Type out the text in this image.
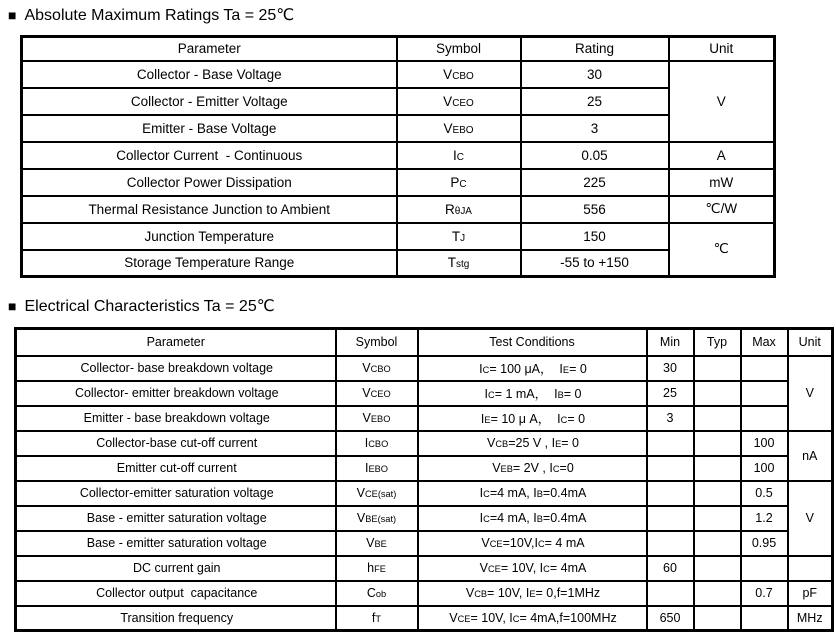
■ Absolute Maximum Ratings Ta = 25℃
Parameter	Symbol	Rating	Unit
Collector - Base Voltage	VCBO	30	V
Collector - Emitter Voltage	VCEO	25	
Emitter - Base Voltage	VEBO	3	
Collector Current  - Continuous	IC	0.05	A
Collector Power Dissipation	PC	225	mW
Thermal Resistance Junction to Ambient	RθJA	556	℃/W
Junction Temperature	TJ	150	℃
Storage Temperature Range	Tstg	-55 to +150	
■ Electrical Characteristics Ta = 25℃
Parameter	Symbol	Test Conditions	Min	Typ	Max	Unit
Collector- base breakdown voltage	VCBO	IC= 100 μA，  IE= 0	30			V
Collector- emitter breakdown voltage	VCEO	IC= 1 mA，  IB= 0	25			
Emitter - base breakdown voltage	VEBO	IE= 10 μ A，  IC= 0	3			
Collector-base cut-off current	ICBO	VCB=25 V , IE= 0			100	nA
Emitter cut-off current	IEBO	VEB= 2V , IC=0			100	
Collector-emitter saturation voltage	VCE(sat)	IC=4 mA, IB=0.4mA			0.5	V
Base - emitter saturation voltage	VBE(sat)	IC=4 mA, IB=0.4mA			1.2	
Base - emitter saturation voltage	VBE	VCE=10V,IC= 4 mA			0.95	
DC current gain	hFE	VCE= 10V, IC= 4mA	60			
Collector output  capacitance	Cob	VCB= 10V, IE= 0,f=1MHz			0.7	pF
Transition frequency	fT	VCE= 10V, IC= 4mA,f=100MHz	650			MHz
